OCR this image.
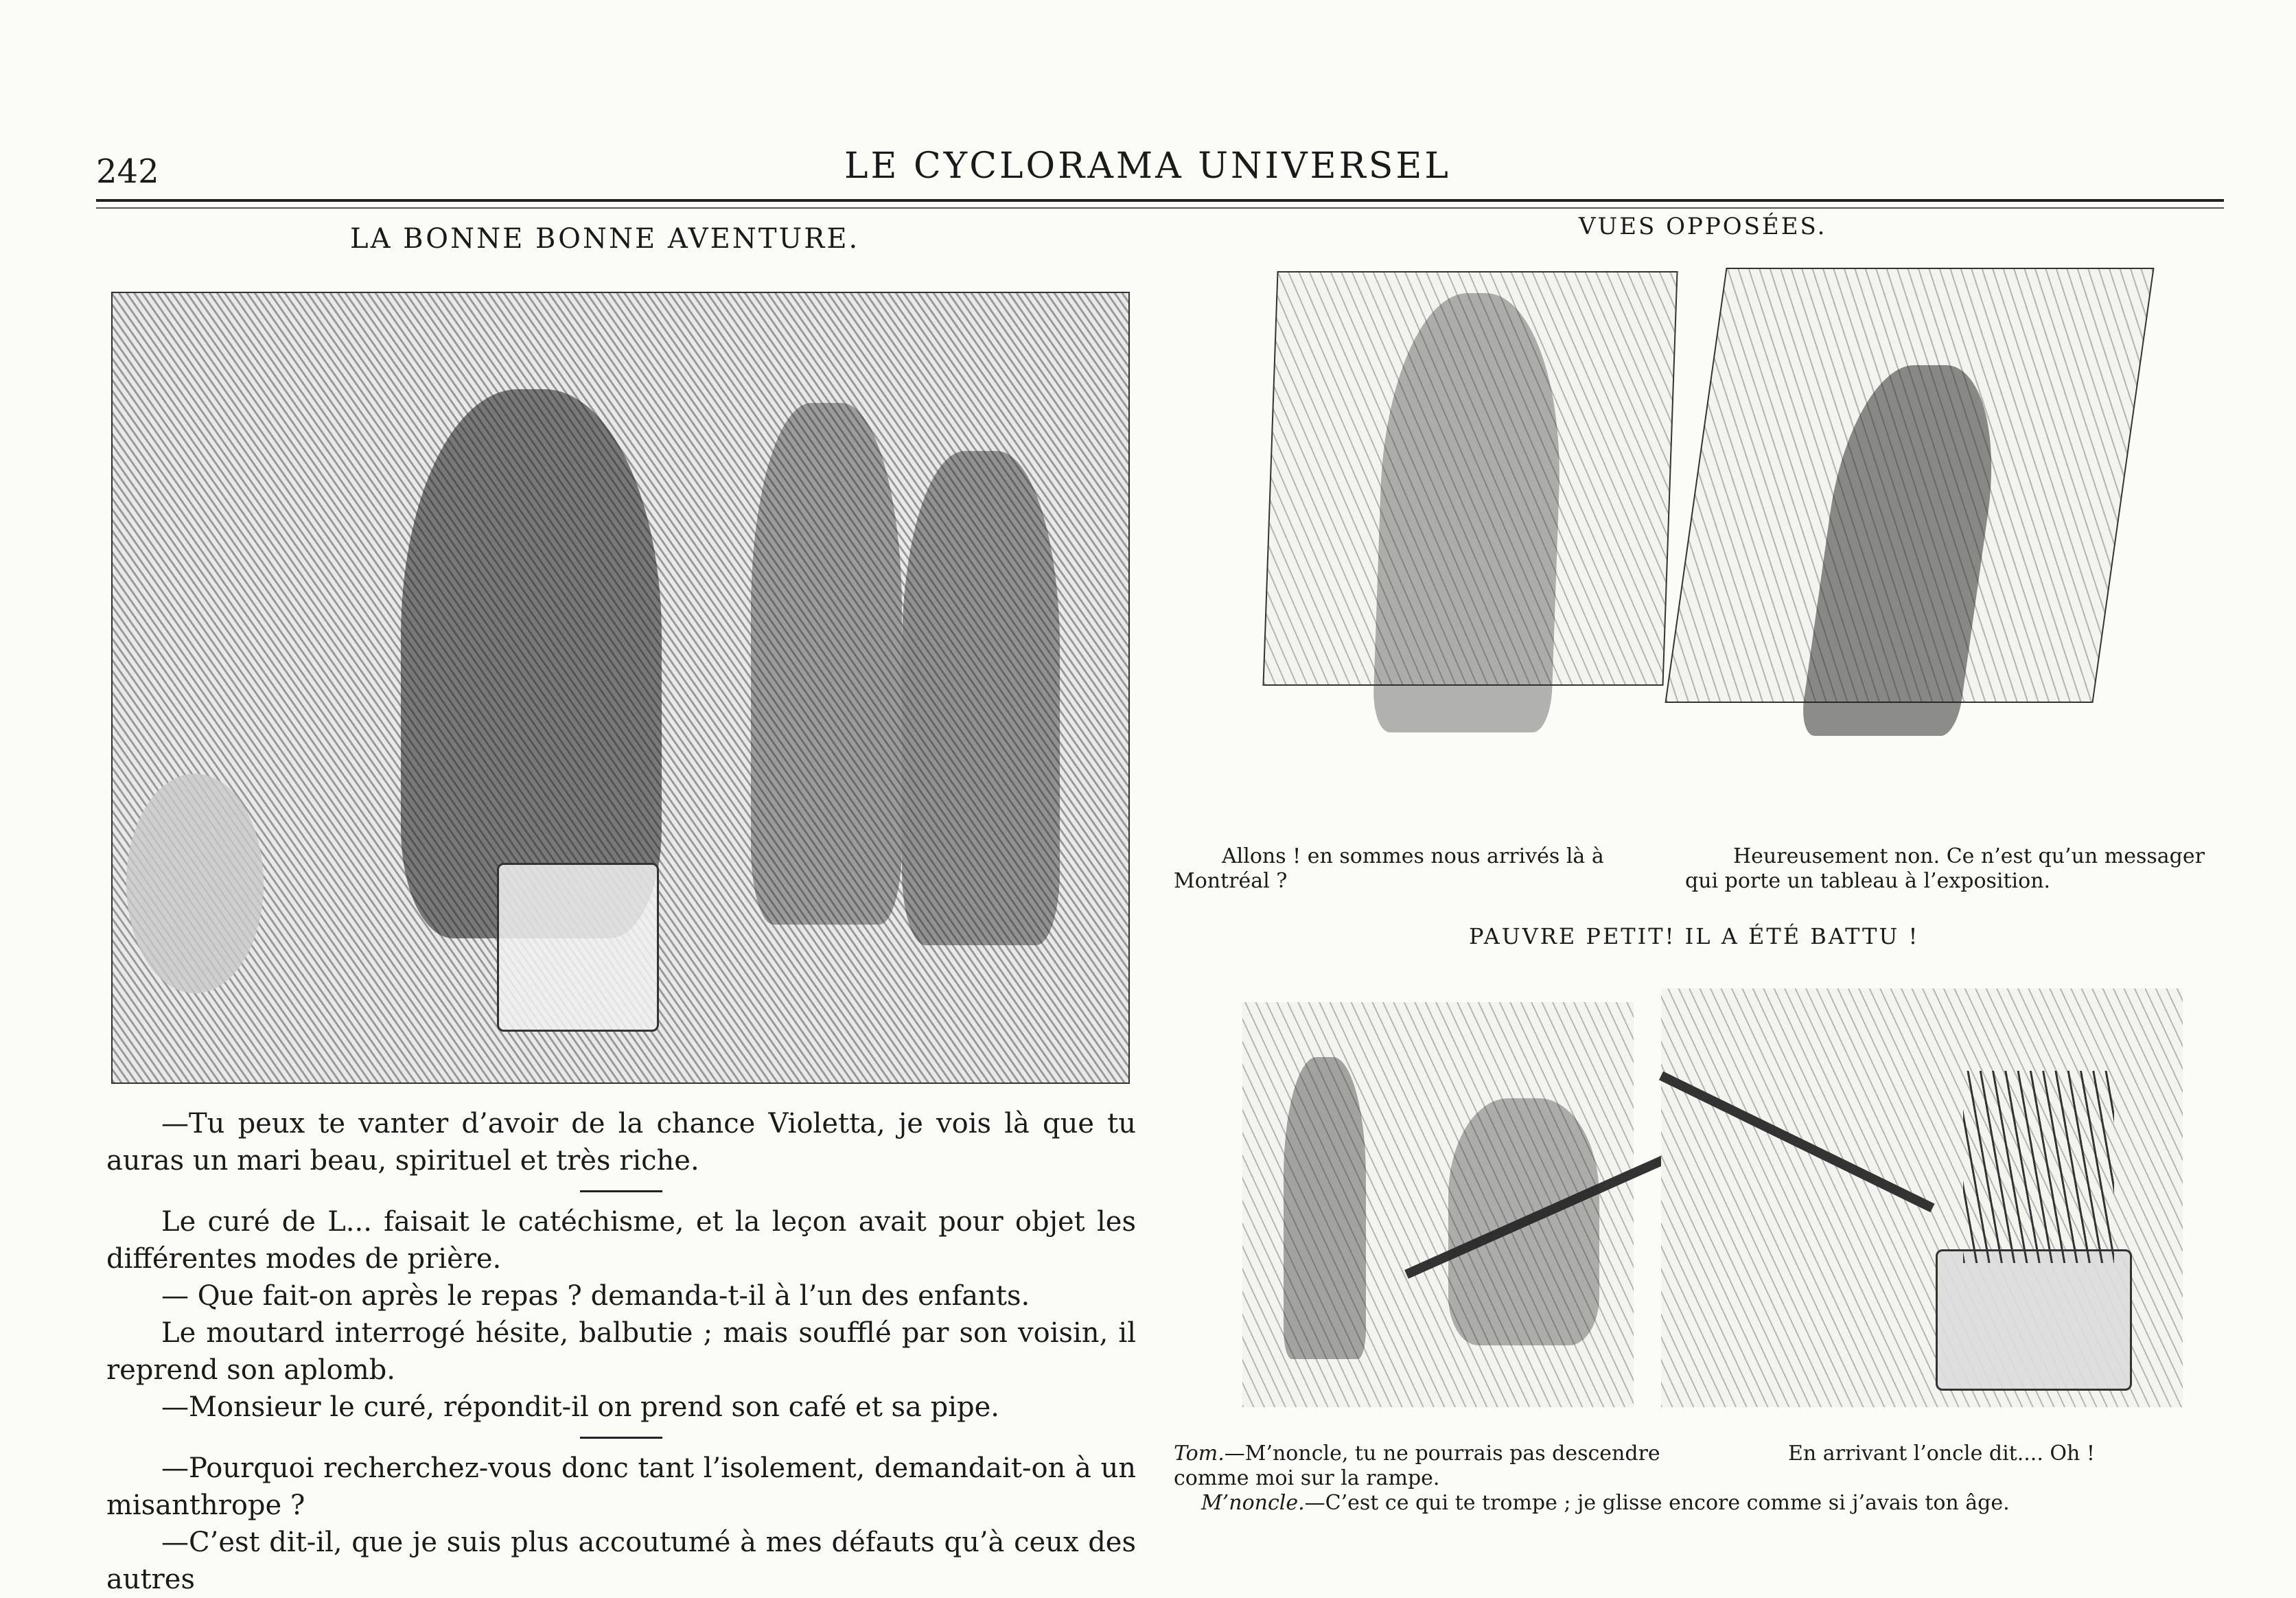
242	LE CYCLORAMA UNIVERSEL
LA BONNE BONNE AVENTURE.

—Tu peux te vanter d’avoir de la chance Violetta, je vois là que tu auras un mari beau, spirituel et très riche.

Le curé de L... faisait le catéchisme, et la leçon avait pour objet les différentes modes de prière.

— Que fait-on après le repas ? demanda-t-il à l’un des enfants.

Le moutard interrogé hésite, balbutie ; mais soufflé par son voisin, il reprend son aplomb.

—Monsieur le curé, répondit-il on prend son café et sa pipe.

—Pourquoi recherchez-vous donc tant l’isolement, demandait-on à un misanthrope ?

—C’est dit-il, que je suis plus accoutumé à mes défauts qu’à ceux des autres

VUES OPPOSÉES.
Allons ! en sommes nous arrivés là à Montréal ?
Heureusement non. Ce n’est qu’un messager qui porte un tableau à l’exposition.
PAUVRE PETIT! IL A ÉTÉ BATTU !
Tom.—M’noncle, tu ne pourrais pas descendre comme moi sur la rampe.
En arrivant l’oncle dit.... Oh !
M’noncle.—C’est ce qui te trompe ; je glisse encore comme si j’avais ton âge.
